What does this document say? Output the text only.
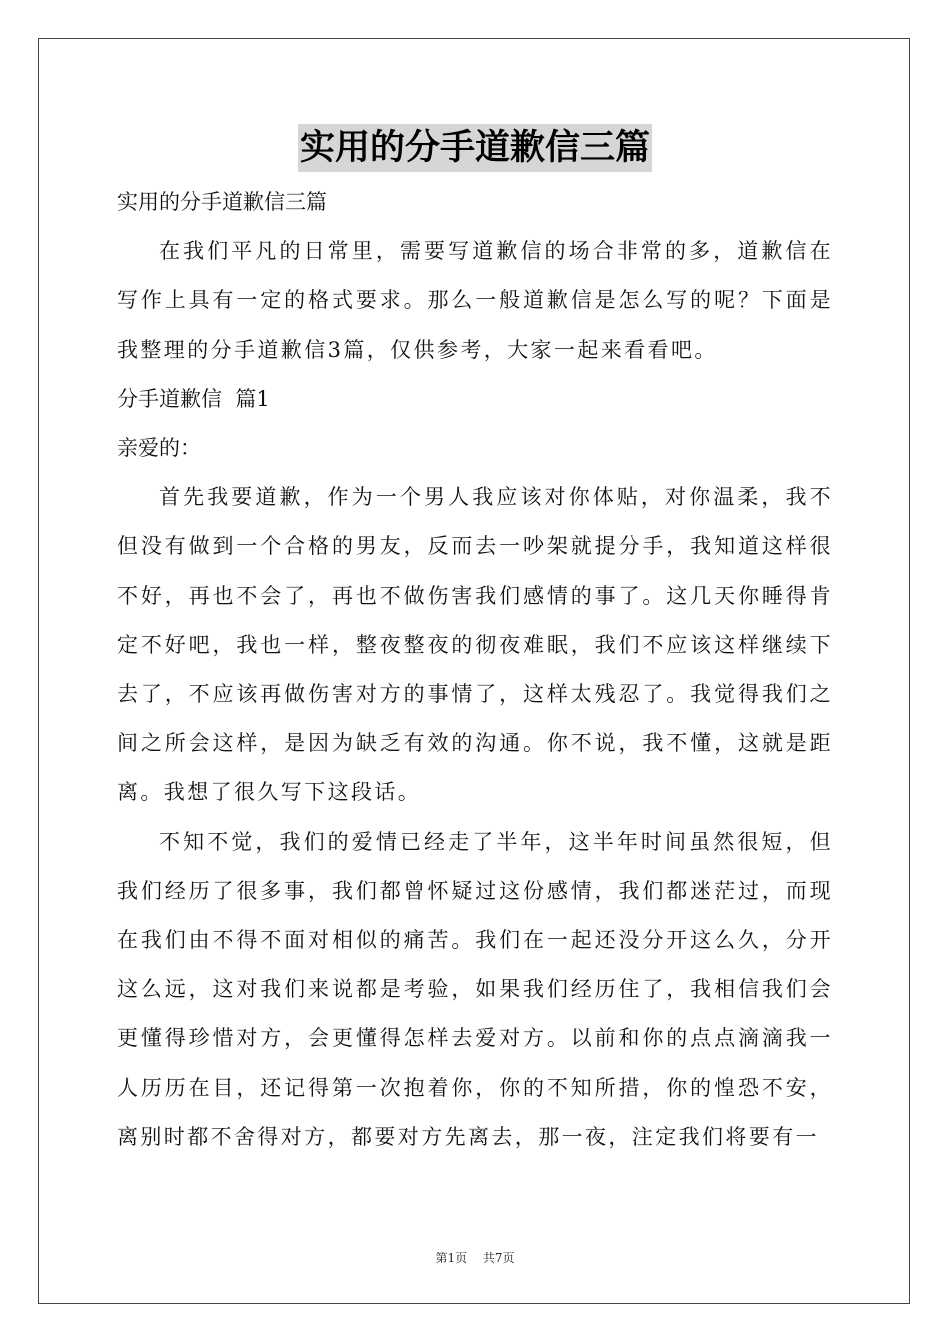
实用的分手道歉信三篇

实用的分手道歉信三篇

在我们平凡的日常里，需要写道歉信的场合非常的多，道歉信在写作上具有一定的格式要求。那么一般道歉信是怎么写的呢？下面是我整理的分手道歉信3篇，仅供参考，大家一起来看看吧。

分手道歉信  篇1

亲爱的：

首先我要道歉，作为一个男人我应该对你体贴，对你温柔，我不但没有做到一个合格的男友，反而去一吵架就提分手，我知道这样很不好，再也不会了，再也不做伤害我们感情的事了。这几天你睡得肯定不好吧，我也一样，整夜整夜的彻夜难眠，我们不应该这样继续下去了，不应该再做伤害对方的事情了，这样太残忍了。我觉得我们之间之所会这样，是因为缺乏有效的沟通。你不说，我不懂，这就是距离。我想了很久写下这段话。

不知不觉，我们的爱情已经走了半年，这半年时间虽然很短，但我们经历了很多事，我们都曾怀疑过这份感情，我们都迷茫过，而现在我们由不得不面对相似的痛苦。我们在一起还没分开这么久，分开这么远，这对我们来说都是考验，如果我们经历住了，我相信我们会更懂得珍惜对方，会更懂得怎样去爱对方。以前和你的点点滴滴我一人历历在目，还记得第一次抱着你，你的不知所措，你的惶恐不安，离别时都不舍得对方，都要对方先离去，那一夜，注定我们将要有一

第1页 共7页
